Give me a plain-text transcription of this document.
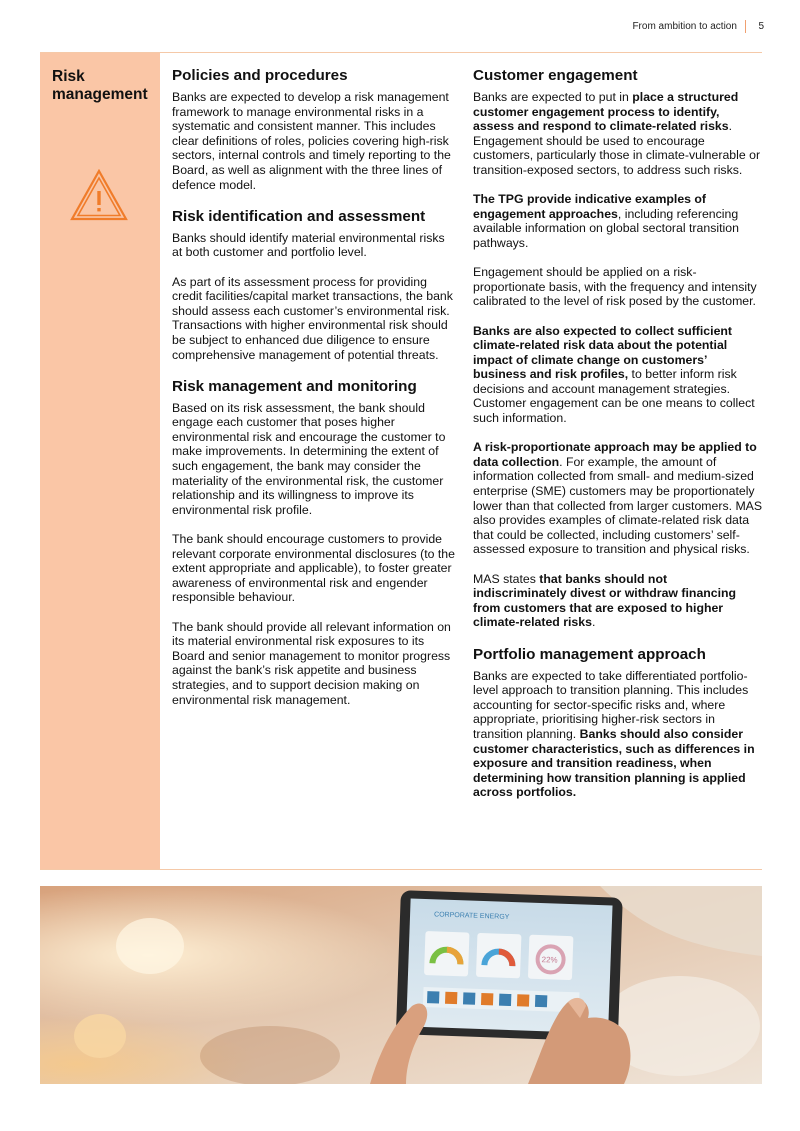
From ambition to action 5
Risk management
Policies and procedures

Banks are expected to develop a risk management framework to manage environmental risks in a systematic and consistent manner. This includes clear definitions of roles, policies covering high-risk sectors, internal controls and timely reporting to the Board, as well as alignment with the three lines of defence model.

Risk identification and assessment

Banks should identify material environmental risks at both customer and portfolio level.

As part of its assessment process for providing credit facilities/capital market transactions, the bank should assess each customer’s environmental risk. Transactions with higher environmental risk should be subject to enhanced due diligence to ensure comprehensive management of potential threats.

Risk management and monitoring

Based on its risk assessment, the bank should engage each customer that poses higher environmental risk and encourage the customer to make improvements. In determining the extent of such engagement, the bank may consider the materiality of the environmental risk, the customer relationship and its willingness to improve its environmental risk profile.

The bank should encourage customers to provide relevant corporate environmental disclosures (to the extent appropriate and applicable), to foster greater awareness of environmental risk and engender responsible behaviour.

The bank should provide all relevant information on its material environmental risk exposures to its Board and senior management to monitor progress against the bank’s risk appetite and business strategies, and to support decision making on environmental risk management.

Customer engagement

Banks are expected to put in place a structured customer engagement process to identify, assess and respond to climate-related risks. Engagement should be used to encourage customers, particularly those in climate-vulnerable or transition-exposed sectors, to address such risks.

The TPG provide indicative examples of engagement approaches, including referencing available information on global sectoral transition pathways.

Engagement should be applied on a risk-proportionate basis, with the frequency and intensity calibrated to the level of risk posed by the customer.

Banks are also expected to collect sufficient climate-related risk data about the potential impact of climate change on customers’ business and risk profiles, to better inform risk decisions and account management strategies. Customer engagement can be one means to collect such information.

A risk-proportionate approach may be applied to data collection. For example, the amount of information collected from small- and medium-sized enterprise (SME) customers may be proportionately lower than that collected from larger customers. MAS also provides examples of climate-related risk data that could be collected, including customers’ self-assessed exposure to transition and physical risks.

MAS states that banks should not indiscriminately divest or withdraw financing from customers that are exposed to higher climate-related risks.

Portfolio management approach

Banks are expected to take differentiated portfolio-level approach to transition planning. This includes accounting for sector-specific risks and, where appropriate, prioritising higher-risk sectors in transition planning. Banks should also consider customer characteristics, such as differences in exposure and transition readiness, when determining how transition planning is applied across portfolios.

CORPORATE ENERGY
22%
